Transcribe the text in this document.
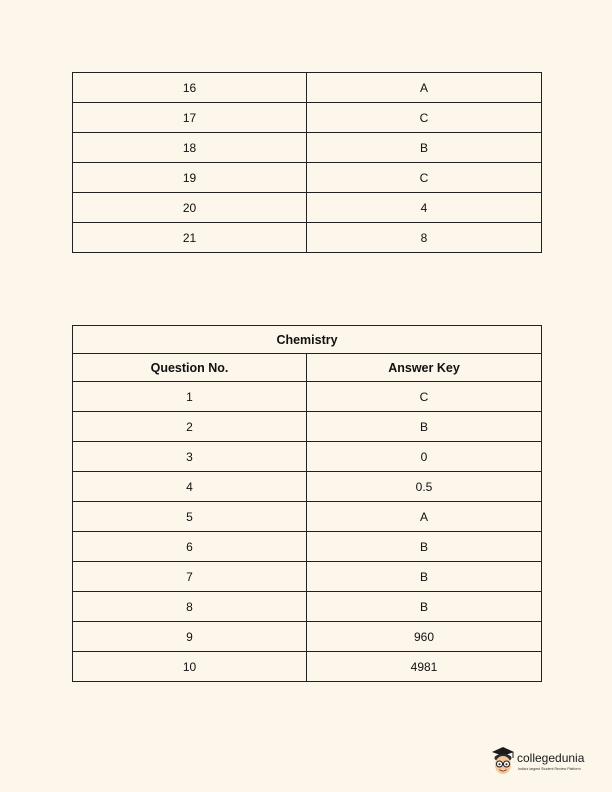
16	A
17	C
18	B
19	C
20	4
21	8
Chemistry	
Question No.	Answer Key
1	C
2	B
3	0
4	0.5
5	A
6	B
7	B
8	B
9	960
10	4981
collegedunia
India's largest Student Review Platform
